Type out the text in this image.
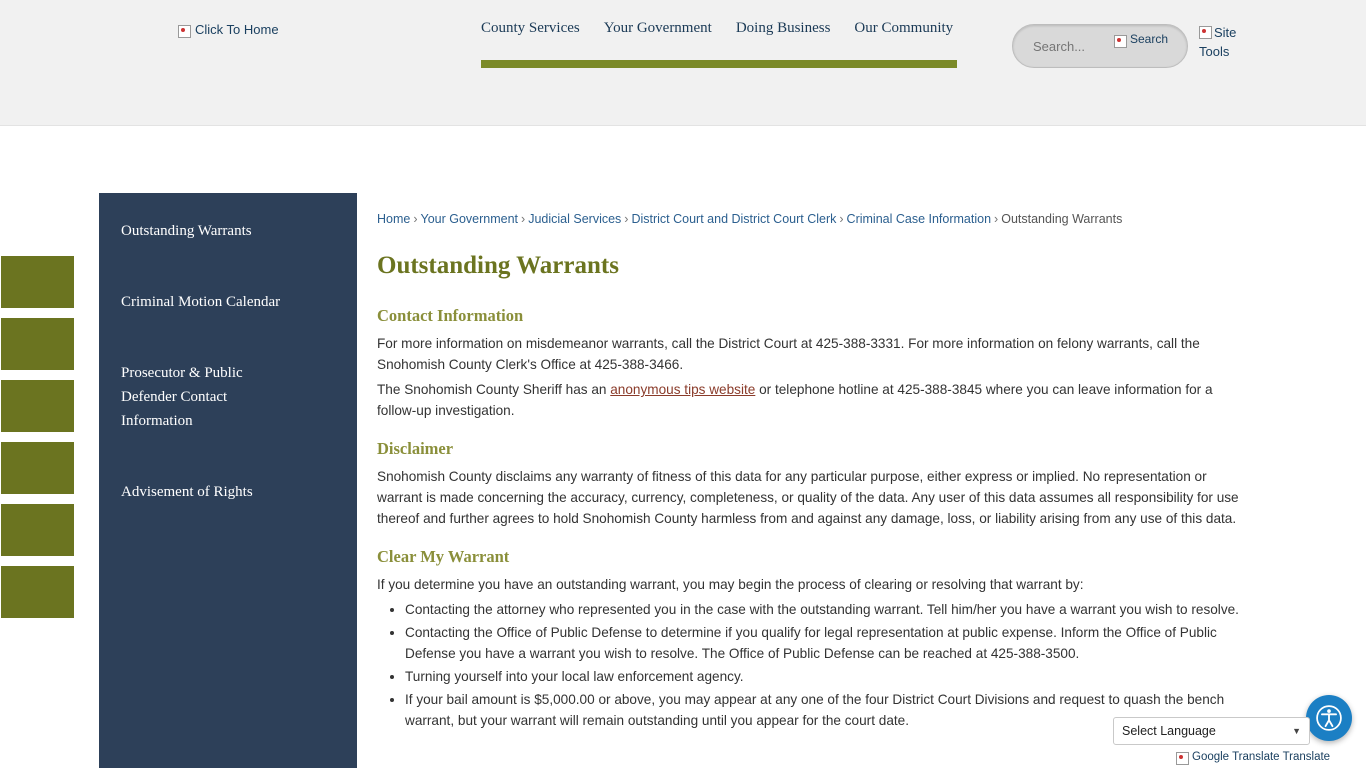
Click To Home	County Services Your Government Doing Business Our Community
Search...
Search	Site Tools
Outstanding Warrants
Criminal Motion Calendar
Prosecutor & Public Defender Contact Information
Advisement of Rights
Home › Your Government › Judicial Services › District Court and District Court Clerk › Criminal Case Information › Outstanding Warrants
Outstanding Warrants
Contact Information

For more information on misdemeanor warrants, call the District Court at 425-388-3331. For more information on felony warrants, call the Snohomish County Clerk's Office at 425-388-3466.

The Snohomish County Sheriff has an anonymous tips website or telephone hotline at 425-388-3845 where you can leave information for a follow-up investigation.

Disclaimer

Snohomish County disclaims any warranty of fitness of this data for any particular purpose, either express or implied. No representation or warrant is made concerning the accuracy, currency, completeness, or quality of the data. Any user of this data assumes all responsibility for use thereof and further agrees to hold Snohomish County harmless from and against any damage, loss, or liability arising from any use of this data.

Clear My Warrant

If you determine you have an outstanding warrant, you may begin the process of clearing or resolving that warrant by:

• Contacting the attorney who represented you in the case with the outstanding warrant. Tell him/her you have a warrant you wish to resolve.
• Contacting the Office of Public Defense to determine if you qualify for legal representation at public expense. Inform the Office of Public Defense you have a warrant you wish to resolve. The Office of Public Defense can be reached at 425-388-3500.
• Turning yourself into your local law enforcement agency.
• If your bail amount is $5,000.00 or above, you may appear at any one of the four District Court Divisions and request to quash the bench warrant, but your warrant will remain outstanding until you appear for the court date.
Select Language	▼
Google Translate Translate
